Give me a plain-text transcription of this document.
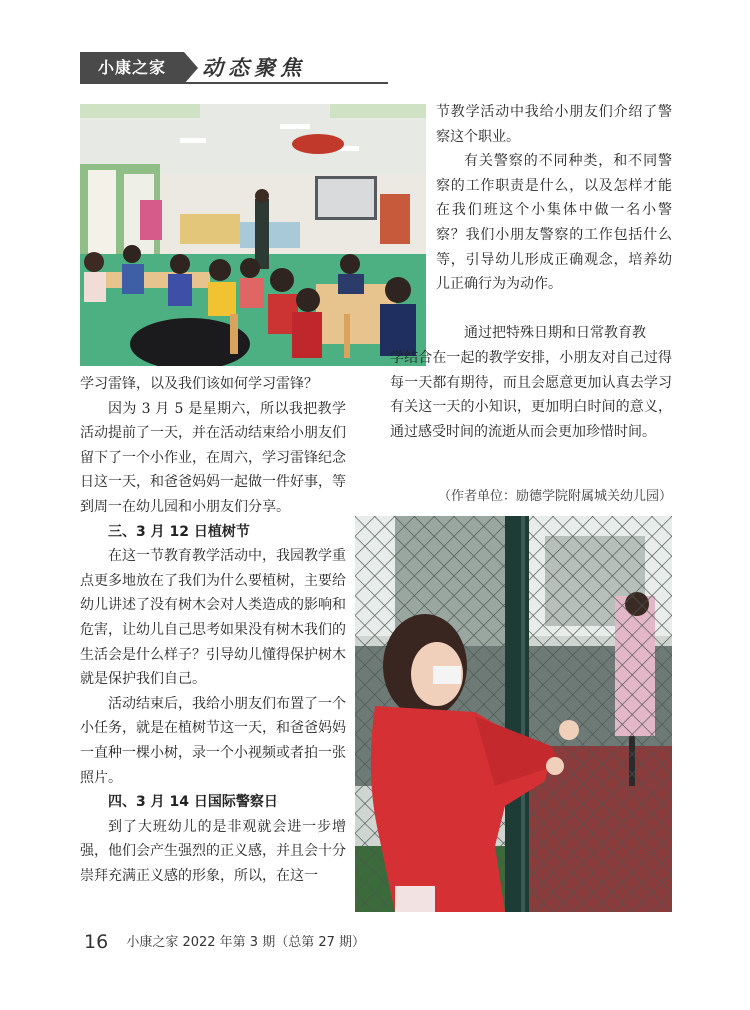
小康之家	动态聚焦

节教学活动中我给小朋友们介绍了警察这个职业。

有关警察的不同种类，和不同警察的工作职责是什么，以及怎样才能在我们班这个小集体中做一名小警察？我们小朋友警察的工作包括什么等，引导幼儿形成正确观念，培养幼儿正确行为为动作。

通过把特殊日期和日常教育教

学结合在一起的教学安排，小朋友对自己过得每一天都有期待，而且会愿意更加认真去学习有关这一天的小知识，更加明白时间的意义，通过感受时间的流逝从而会更加珍惜时间。

（作者单位：励德学院附属城关幼儿园）

学习雷锋，以及我们该如何学习雷锋？

因为 3 月 5 是星期六，所以我把教学活动提前了一天，并在活动结束给小朋友们留下了一个小作业，在周六，学习雷锋纪念日这一天，和爸爸妈妈一起做一件好事，等到周一在幼儿园和小朋友们分享。

三、3 月 12 日植树节

在这一节教育教学活动中，我园教学重点更多地放在了我们为什么要植树，主要给幼儿讲述了没有树木会对人类造成的影响和危害，让幼儿自己思考如果没有树木我们的生活会是什么样子？引导幼儿懂得保护树木就是保护我们自己。

活动结束后，我给小朋友们布置了一个小任务，就是在植树节这一天，和爸爸妈妈一直种一棵小树，录一个小视频或者拍一张照片。

四、3 月 14 日国际警察日

到了大班幼儿的是非观就会进一步增强，他们会产生强烈的正义感，并且会十分崇拜充满正义感的形象，所以，在这一

16 小康之家 2022 年第 3 期（总第 27 期）
